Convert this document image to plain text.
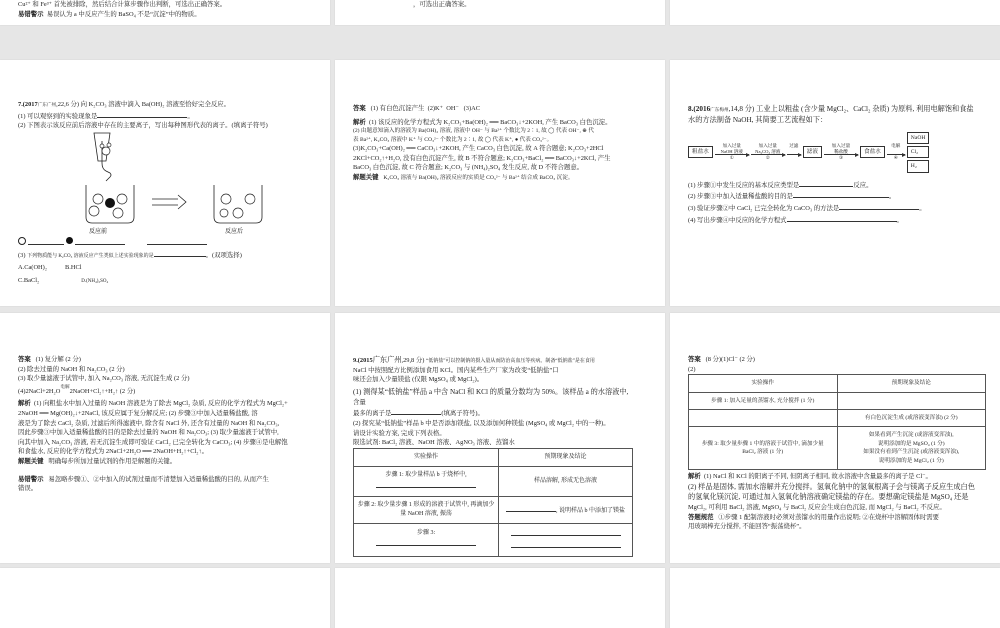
Cu²⁺ 和 Fe³⁺ 首先被排除，然后结合计算步骤作出判断，可选出正确答案。
易错警示 易误认为 a 中反应产生的 BaSO₄ 不是“沉淀”中的物质。
，可选出正确答案。
7.(2017广东广州,22,6 分) 向 K₂CO₃ 溶液中滴入 Ba(OH)₂ 溶液至恰好完全反应。
(1) 可以观察到的实验现象是	。
(2) 下图表示该反应前后溶液中存在的主要离子，写出每种图形代表的离子。(填离子符号)
反应前	反应后
(3) 下列物质能与 K₂CO₃ 溶液反应产生类似上述实验现象的是	。(双项选择)
A.Ca(OH)₂	B.HCl
C.BaCl₂	D.(NH₄)₂SO₄
答案 (1) 有白色沉淀产生 (2)K⁺ OH⁻ (3)AC
解析 (1) 该反应的化学方程式为 K₂CO₃+Ba(OH)₂ ══ BaCO₃↓+2KOH, 产生 BaCO₃ 白色沉淀。
(2) 由题意知滴入的溶液为 Ba(OH)₂ 溶液, 溶液中 OH⁻ 与 Ba²⁺ 个数比为 2∶1, 故 ◯ 代表 OH⁻, ⊕ 代
表 Ba²⁺, K₂CO₃ 溶液中 K⁺ 与 CO₃²⁻ 个数比为 2∶1, 故 ◯ 代表 K⁺, ● 代表 CO₃²⁻。
(3)K₂CO₃+Ca(OH)₂ ══ CaCO₃↓+2KOH, 产生 CaCO₃ 白色沉淀, 故 A 符合题意; K₂CO₃+2HCl
2KCl+CO₂↑+H₂O, 没有白色沉淀产生, 故 B 不符合题意; K₂CO₃+BaCl₂ ══ BaCO₃↓+2KCl, 产生
BaCO₃ 白色沉淀, 故 C 符合题意; K₂CO₃ 与 (NH₄)₂SO₄ 发生反应, 故 D 不符合题意。
解题关键 K₂CO₃ 溶液与 Ba(OH)₂ 溶液反应的实质是 CO₃²⁻ 与 Ba²⁺ 结合成 BaCO₃ 沉淀。
8.(2016广东梅州,14,8 分) 工业上以粗盐 (含少量 MgCl₂、CaCl₂ 杂质) 为原料, 利用电解饱和食盐
水的方法制备 NaOH, 其简要工艺流程如下：
粗盐水
加入过量
NaOH 溶液
①
加入过量
Na₂CO₃ 溶液
②
过滤

滤液
加入过量
稀盐酸
③
食盐水
电解

④
NaOH
Cl₂
H₂
(1) 步骤①中发生反应的基本反应类型是	反应。
(2) 步骤③中加入适量稀盐酸的目的是	。
(3) 验证步骤②中 CaCl₂ 已完全转化为 CaCO₃ 的方法是	。
(4) 写出步骤④中反应的化学方程式	。
答案 (1) 复分解 (2 分)
(2) 除去过量的 NaOH 和 Na₂CO₃ (2 分)
(3) 取少量滤液于试管中, 加入 Na₂CO₃ 溶液, 无沉淀生成 (2 分)
$(4)2NaCl+2H_2O^{电解}2NaOH+Cl_2↑+H_2↑$ (2 分)
解析 (1) 向粗盐水中加入过量的 NaOH 溶液是为了除去 MgCl₂ 杂质, 反应的化学方程式为 MgCl₂+
2NaOH ══ Mg(OH)₂↓+2NaCl, 该反应属于复分解反应; (2) 步骤③中加入适量稀盐酸, 溶
液是为了除去 CaCl₂ 杂质, 过滤后所得滤液中, 除含有 NaCl 外, 还含有过量的 NaOH 和 Na₂CO₃,
因此步骤③中加入适量稀盐酸的目的是除去过量的 NaOH 和 Na₂CO₃; (3) 取少量滤液于试管中,
向其中加入 Na₂CO₃ 溶液, 若无沉淀生成即可验证 CaCl₂ 已完全转化为 CaCO₃; (4) 步骤④是电解饱
和食盐水, 反应的化学方程式为 2NaCl+2H₂O ══ 2NaOH+H₂↑+Cl₂↑。
解题关键 明确每步所加过量试剂的作用是解题的关键。
易错警示 易忽略步骤①、②中加入的试剂过量而不清楚加入适量稀盐酸的目的, 从而产生
错误。
9.(2015广东广州,29,8 分) “低钠盐”可以控制钠的摄入量从而防治高血压等疾病。制备“低钠盐”是在食用
NaCl 中按照配方比例添加食用 KCl。国内某些生产厂家为改变“低钠盐”口
味还会加入少量镁盐 (仅限 MgSO₄ 或 MgCl₂)。
(1) 测得某“低钠盐”样品 a 中含 NaCl 和 KCl 的质量分数均为 50%。该样品 a 的水溶液中,
含量
最多的离子是	(填离子符号)。
(2) 探究某“低钠盐”样品 b 中是否添加镁盐, 以及添加何种镁盐 (MgSO₄ 或 MgCl₂ 中的一种)。
请设计实验方案, 完成下列表格。
限选试剂: BaCl₂ 溶液、NaOH 溶液、AgNO₃ 溶液、蒸馏水
实验操作	预期现象及结论
步骤 1: 取少量样品 b 于烧杯中,	样品溶解, 形成无色溶液
步骤 2: 取少量步骤 1 形成的溶液于试管中, 再滴加少量 NaOH 溶液, 振荡	, 说明样品 b 中添加了镁盐
步骤 3:

答案 (8 分)(1)Cl⁻ (2 分)
(2)
实验操作	预期现象及结论
步骤 1: 加入足量的蒸馏水, 充分搅拌 (1 分)	
	有白色沉淀生成 (或溶液变浑浊) (2 分)
步骤 3: 取少量步骤 1 中的溶液于试管中, 滴加少量
BaCl₂ 溶液 (1 分)	如果看到产生沉淀 (或溶液变浑浊),
说明添加的是 MgSO₄ (1 分)
如果没有看到产生沉淀 (或溶液变浑浊),
说明添加的是 MgCl₂ (1 分)
解析 (1) NaCl 和 KCl 的阳离子不同, 但阴离子相同, 故水溶液中含量最多的离子是 Cl⁻。
(2) 样品是固体, 需加水溶解并充分搅拌。氢氧化钠中的氢氧根离子会与镁离子反应生成白色
的氢氧化镁沉淀, 可通过加入氢氧化钠溶液确定镁盐的存在。要想确定镁盐是 MgSO₄ 还是
MgCl₂, 可利用 BaCl₂ 溶液, MgSO₄ 与 BaCl₂ 反应会生成白色沉淀, 而 MgCl₂ 与 BaCl₂ 不反应。
答题规范 ①步骤 1 配制溶液时必须对蒸馏水的用量作出说明; ②在烧杯中溶解固体时需要
用玻璃棒充分搅拌, 不能回答“振荡烧杯”。
